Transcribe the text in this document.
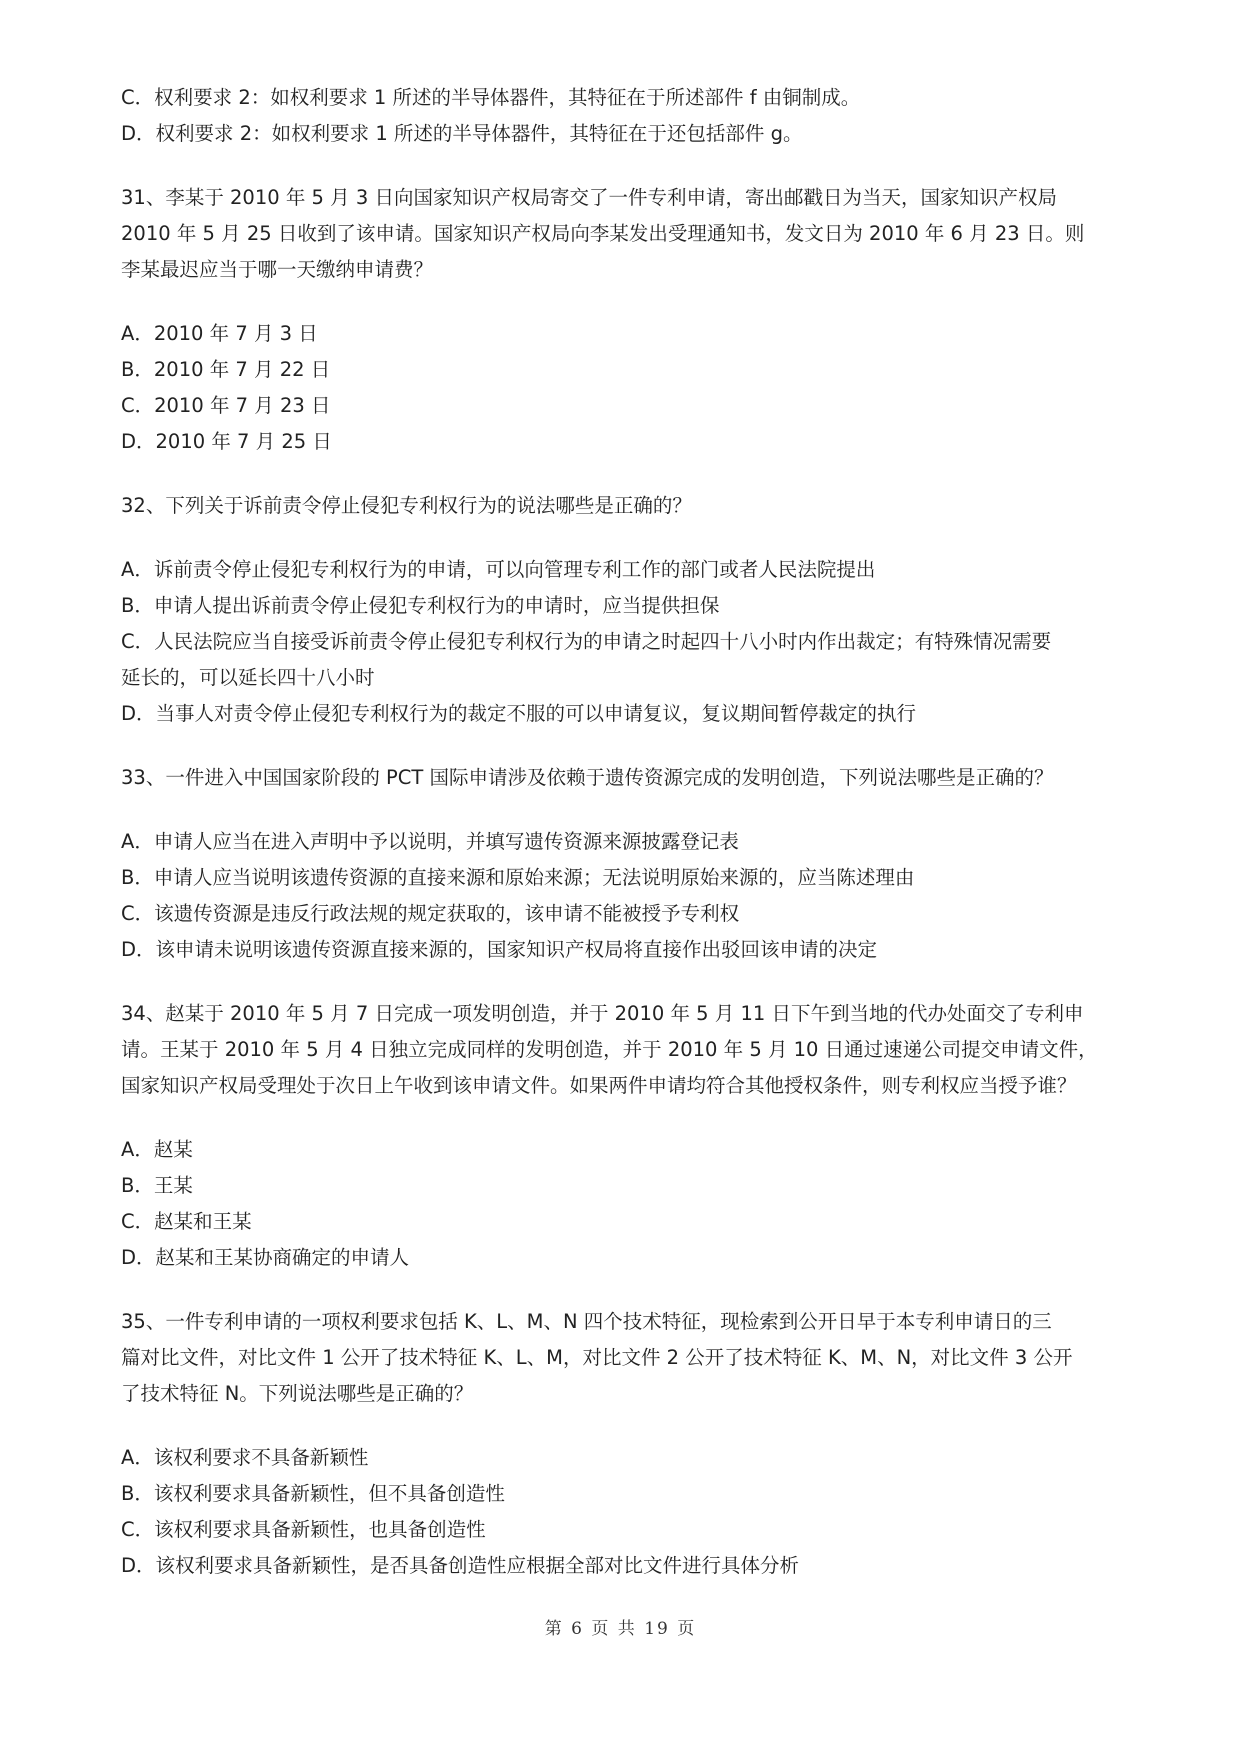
C．权利要求 2：如权利要求 1 所述的半导体器件，其特征在于所述部件 f 由铜制成。
D．权利要求 2：如权利要求 1 所述的半导体器件，其特征在于还包括部件 g。
31、李某于 2010 年 5 月 3 日向国家知识产权局寄交了一件专利申请，寄出邮戳日为当天，国家知识产权局
2010 年 5 月 25 日收到了该申请。国家知识产权局向李某发出受理通知书，发文日为 2010 年 6 月 23 日。则
李某最迟应当于哪一天缴纳申请费？
A．2010 年 7 月 3 日
B．2010 年 7 月 22 日
C．2010 年 7 月 23 日
D．2010 年 7 月 25 日
32、下列关于诉前责令停止侵犯专利权行为的说法哪些是正确的？
A．诉前责令停止侵犯专利权行为的申请，可以向管理专利工作的部门或者人民法院提出
B．申请人提出诉前责令停止侵犯专利权行为的申请时，应当提供担保
C．人民法院应当自接受诉前责令停止侵犯专利权行为的申请之时起四十八小时内作出裁定；有特殊情况需要
延长的，可以延长四十八小时
D．当事人对责令停止侵犯专利权行为的裁定不服的可以申请复议，复议期间暂停裁定的执行
33、一件进入中国国家阶段的 PCT 国际申请涉及依赖于遗传资源完成的发明创造，下列说法哪些是正确的？
A．申请人应当在进入声明中予以说明，并填写遗传资源来源披露登记表
B．申请人应当说明该遗传资源的直接来源和原始来源；无法说明原始来源的，应当陈述理由
C．该遗传资源是违反行政法规的规定获取的，该申请不能被授予专利权
D．该申请未说明该遗传资源直接来源的，国家知识产权局将直接作出驳回该申请的决定
34、赵某于 2010 年 5 月 7 日完成一项发明创造，并于 2010 年 5 月 11 日下午到当地的代办处面交了专利申
请。王某于 2010 年 5 月 4 日独立完成同样的发明创造，并于 2010 年 5 月 10 日通过速递公司提交申请文件，
国家知识产权局受理处于次日上午收到该申请文件。如果两件申请均符合其他授权条件，则专利权应当授予谁？
A．赵某
B．王某
C．赵某和王某
D．赵某和王某协商确定的申请人
35、一件专利申请的一项权利要求包括 K、L、M、N 四个技术特征，现检索到公开日早于本专利申请日的三
篇对比文件，对比文件 1 公开了技术特征 K、L、M，对比文件 2 公开了技术特征 K、M、N，对比文件 3 公开
了技术特征 N。下列说法哪些是正确的？
A．该权利要求不具备新颖性
B．该权利要求具备新颖性，但不具备创造性
C．该权利要求具备新颖性，也具备创造性
D．该权利要求具备新颖性，是否具备创造性应根据全部对比文件进行具体分析
第 6 页 共 19 页
